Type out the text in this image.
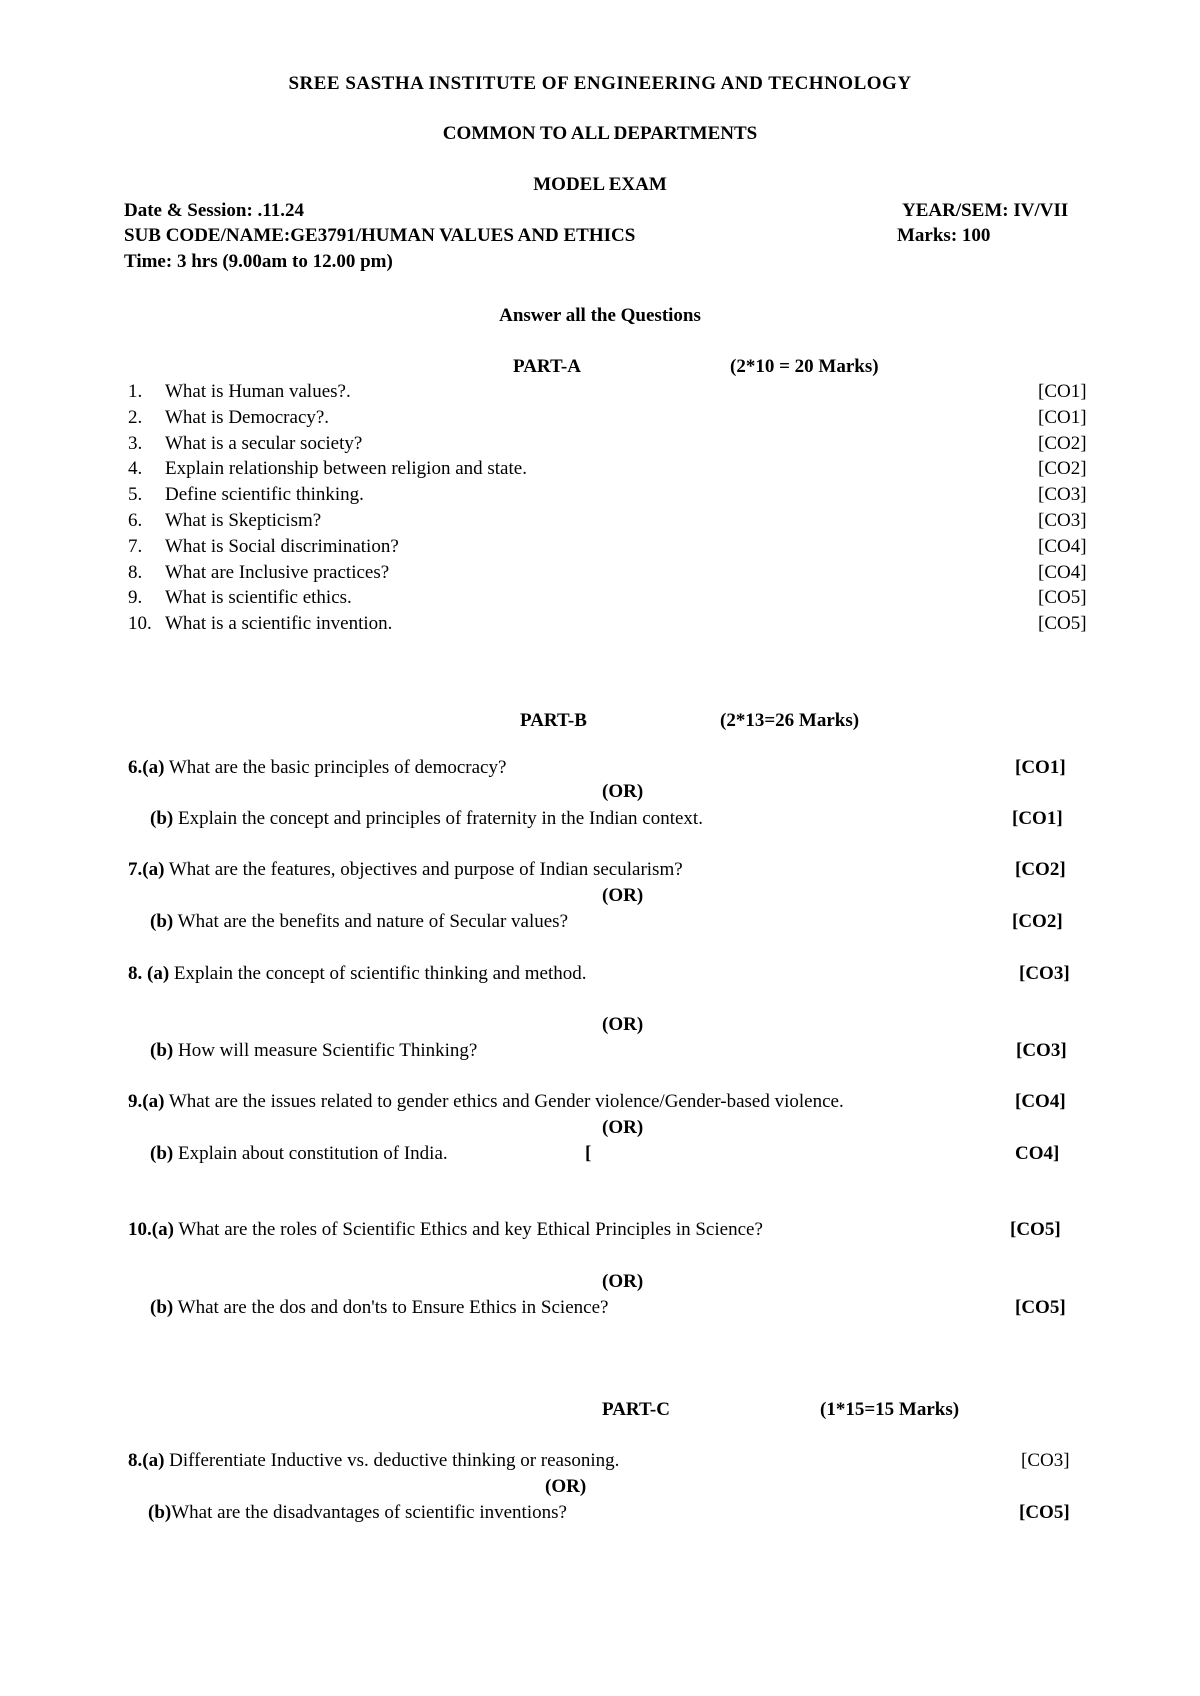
SREE SASTHA INSTITUTE OF ENGINEERING AND TECHNOLOGY
COMMON TO ALL DEPARTMENTS
MODEL EXAM
Date & Session: .11.24	YEAR/SEM: IV/VII
SUB CODE/NAME:GE3791/HUMAN VALUES AND ETHICS	Marks: 100
Time: 3 hrs (9.00am to 12.00 pm)
Answer all the Questions
PART-A	(2*10 = 20 Marks)
1. What is Human values?.	[CO1]
2. What is Democracy?.	[CO1]
3. What is a secular society?	[CO2]
4. Explain relationship between religion and state.	[CO2]
5. Define scientific thinking.	[CO3]
6. What is Skepticism?	[CO3]
7. What is Social discrimination?	[CO4]
8. What are Inclusive practices?	[CO4]
9. What is scientific ethics.	[CO5]
10. What is a scientific invention.	[CO5]
PART-B	(2*13=26 Marks)
6.(a) What are the basic principles of democracy?	[CO1]
(OR)
(b) Explain the concept and principles of fraternity in the Indian context.	[CO1]
7.(a) What are the features, objectives and purpose of Indian secularism?	[CO2]
(OR)
(b) What are the benefits and nature of Secular values?	[CO2]
8. (a) Explain the concept of scientific thinking and method.	[CO3]
(OR)
(b) How will measure Scientific Thinking?	[CO3]
9.(a) What are the issues related to gender ethics and Gender violence/Gender-based violence.	[CO4]
(OR)
(b) Explain about constitution of India.	[	CO4]
10.(a) What are the roles of Scientific Ethics and key Ethical Principles in Science?	[CO5]
(OR)
(b) What are the dos and don'ts to Ensure Ethics in Science?	[CO5]
PART-C	(1*15=15 Marks)
8.(a) Differentiate Inductive vs. deductive thinking or reasoning.	[CO3]
(OR)
(b)What are the disadvantages of scientific inventions?	[CO5]
